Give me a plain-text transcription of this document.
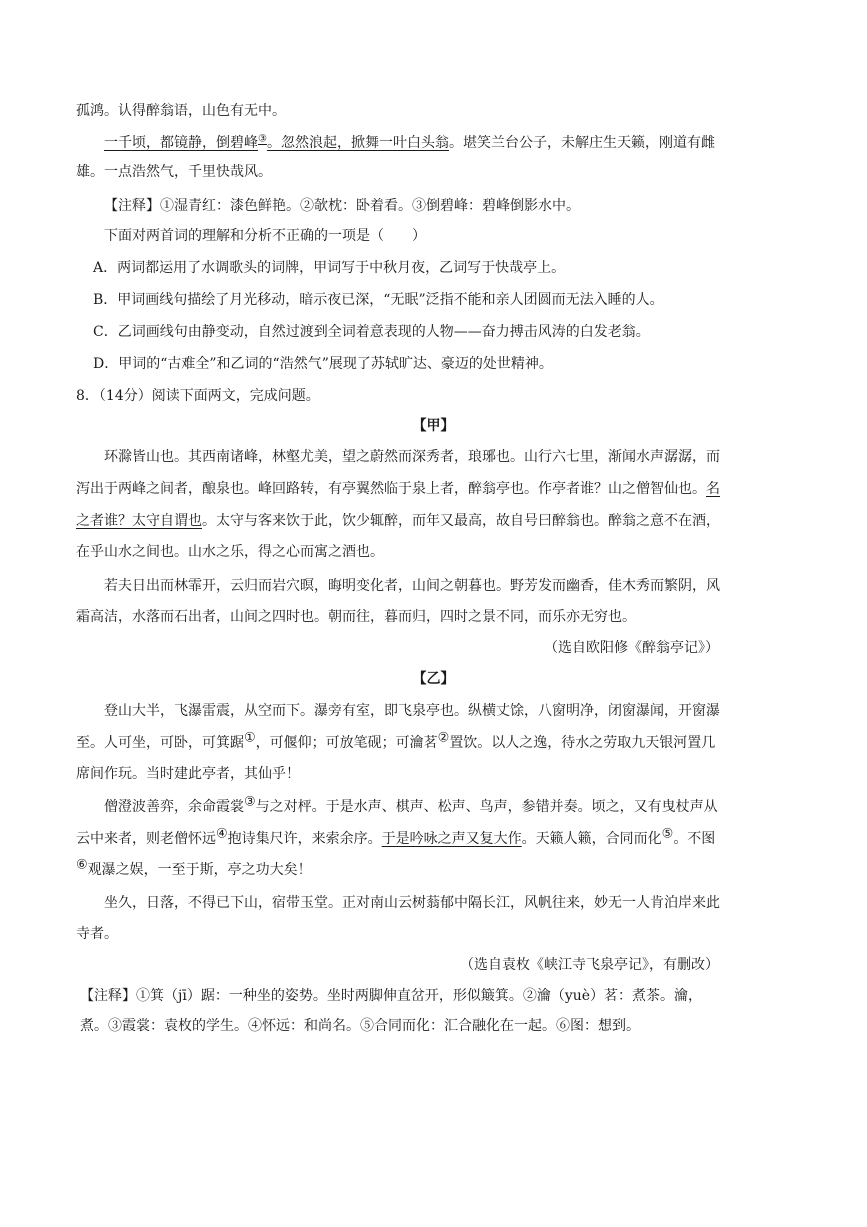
孤鸿。认得醉翁语，山色有无中。
一千顷，都镜静，倒碧峰③。忽然浪起，掀舞一叶白头翁。堪笑兰台公子，未解庄生天籁，刚道有雌
雄。一点浩然气，千里快哉风。
【注释】①湿青红：漆色鲜艳。②欹枕：卧着看。③倒碧峰：碧峰倒影水中。
下面对两首词的理解和分析不正确的一项是（　　）
A．两词都运用了水调歌头的词牌，甲词写于中秋月夜，乙词写于快哉亭上。
B．甲词画线句描绘了月光移动，暗示夜已深，“无眠”泛指不能和亲人团圆而无法入睡的人。
C．乙词画线句由静变动，自然过渡到全词着意表现的人物——奋力搏击风涛的白发老翁。
D．甲词的“古难全”和乙词的“浩然气”展现了苏轼旷达、豪迈的处世精神。
8．（14分）阅读下面两文，完成问题。
【甲】
环滁皆山也。其西南诸峰，林壑尤美，望之蔚然而深秀者，琅琊也。山行六七里，渐闻水声潺潺，而
泻出于两峰之间者，酿泉也。峰回路转，有亭翼然临于泉上者，醉翁亭也。作亭者谁？山之僧智仙也。名
之者谁？太守自谓也。太守与客来饮于此，饮少辄醉，而年又最高，故自号曰醉翁也。醉翁之意不在酒，
在乎山水之间也。山水之乐，得之心而寓之酒也。
若夫日出而林霏开，云归而岩穴暝，晦明变化者，山间之朝暮也。野芳发而幽香，佳木秀而繁阴，风
霜高洁，水落而石出者，山间之四时也。朝而往，暮而归，四时之景不同，而乐亦无穷也。
（选自欧阳修《醉翁亭记》）
【乙】
登山大半，飞瀑雷震，从空而下。瀑旁有室，即飞泉亭也。纵横丈馀，八窗明净，闭窗瀑闻，开窗瀑
至。人可坐，可卧，可箕踞①，可偃仰；可放笔砚；可瀹茗②置饮。以人之逸，待水之劳取九天银河置几
席间作玩。当时建此亭者，其仙乎！
僧澄波善弈，余命霞裳③与之对枰。于是水声、棋声、松声、鸟声，参错并奏。顷之，又有曳杖声从
云中来者，则老僧怀远④抱诗集尺许，来索余序。于是吟咏之声又复大作。天籁人籁，合同而化⑤。不图
⑥观瀑之娱，一至于斯，亭之功大矣！
坐久，日落，不得已下山，宿带玉堂。正对南山云树蓊郁中隔长江，风帆往来，妙无一人肯泊岸来此
寺者。
（选自袁枚《峡江寺飞泉亭记》，有删改）
【注释】①箕（jī）踞：一种坐的姿势。坐时两脚伸直岔开，形似簸箕。②瀹（yuè）茗：煮茶。瀹，
煮。③霞裳：袁枚的学生。④怀远：和尚名。⑤合同而化：汇合融化在一起。⑥图：想到。
